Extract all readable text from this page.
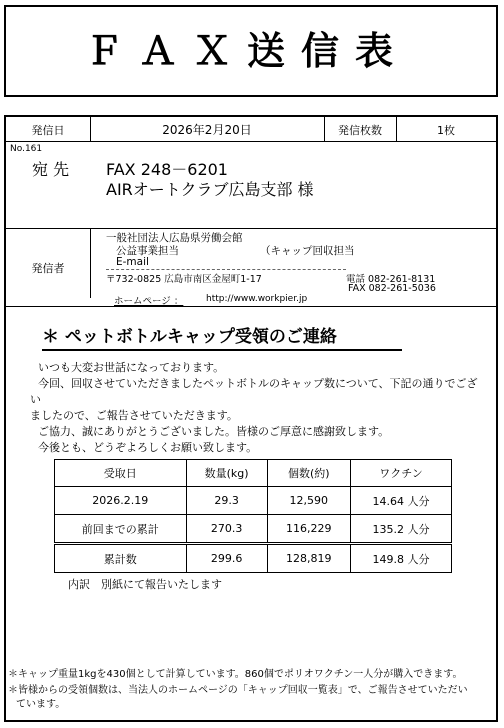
ＦＡＸ送信表
発信日	2026年2月20日	発信枚数	1枚
No.161
宛 先 FAX 248－6201
AIRオートクラブ広島支部 様
発信者
一般社団法人広島県労働会館
公益事業担当	（キャップ回収担当
E-mail
〒732-0825 広島市南区金屋町1-17	電話 082-261-8131
FAX 082-261-5036
ホームページ ：	http://www.workpier.jp
＊ ペットボトルキャップ受領のご連絡

いつも大変お世話になっております。

今回、回収させていただきましたペットボトルのキャップ数について、下記の通りでござい

ましたので、ご報告させていただきます。

ご協力、誠にありがとうございました。皆様のご厚意に感謝致します。

今後とも、どうぞよろしくお願い致します。

受取日	数量(kg)	個数(約)	ワクチン
2026.2.19	29.3	12,590	14.64 人分
前回までの累計	270.3	116,229	135.2 人分
累計数	299.6	128,819	149.8 人分
内訳　別紙にて報告いたします
＊キャップ重量1kgを430個として計算しています。860個でポリオワクチン一人分が購入できます。
＊皆様からの受領個数は、当法人のホームページの「キャップ回収一覧表」で、ご報告させていただい
ています。
